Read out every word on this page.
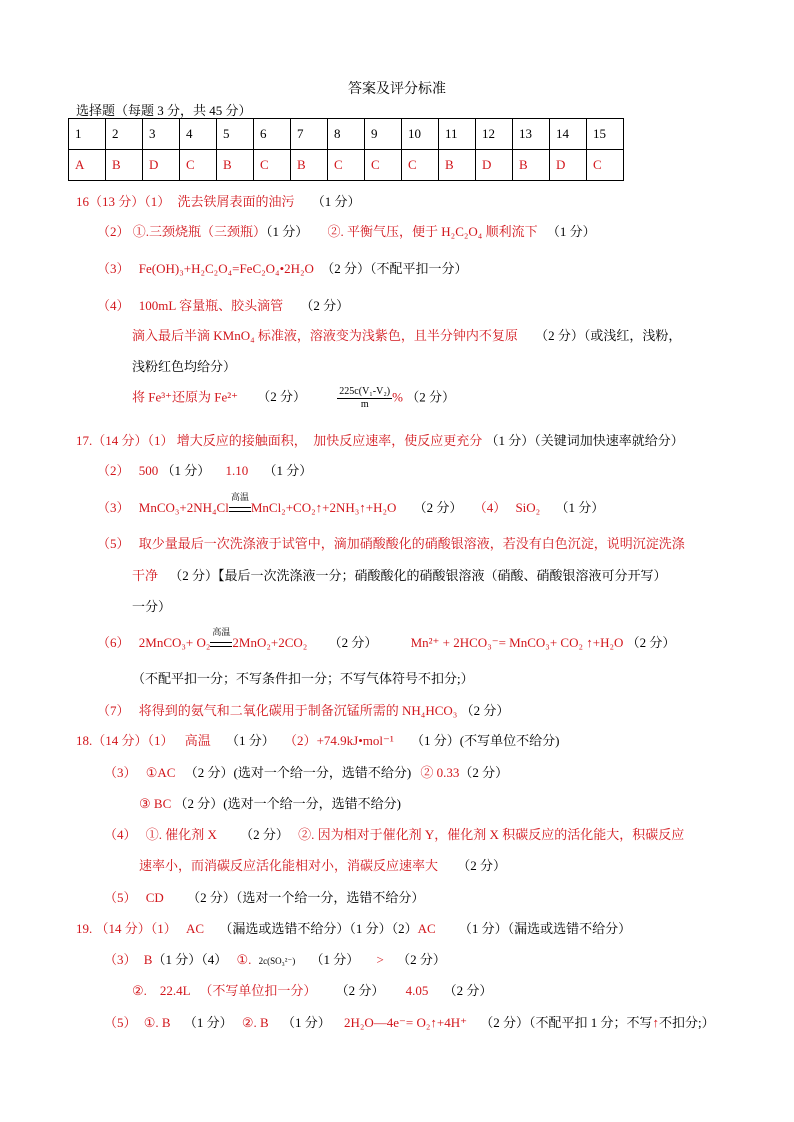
答案及评分标准
选择题（每题 3 分，共 45 分）
1	2	3	4	5	6	7	8	9	10	11	12	13	14	15
A	B	D	C	B	C	B	C	C	C	B	D	B	D	C
16（13 分）（1） 洗去铁屑表面的油污 （1 分）
（2） ①.三颈烧瓶（三颈瓶）（1 分） ②. 平衡气压，便于 H₂C₂O₄ 顺利流下 （1 分）
（3） Fe(OH)₃+H₂C₂O₄=FeC₂O₄•2H₂O （2 分）（不配平扣一分）
（4） 100mL 容量瓶、胶头滴管 （2 分）
滴入最后半滴 KMnO₄ 标准液，溶液变为浅紫色，且半分钟内不复原 （2 分）（或浅红，浅粉，
浅粉红色均给分）
将 Fe³⁺还原为 Fe²⁺ （2 分）	$\frac{\text{225c(V₁-V₂)}}{m}$ % （2 分）
17.（14 分）（1） 增大反应的接触面积，　加快反应速率，使反应更充分 （1 分）（关键词加快速率就给分）
（2） 500 （1 分） 1.10 （1 分）
（3） MnCO₃+2NH₄Cl
高温
MnCl₂+CO₂↑+2NH₃↑+H₂O （2 分） （4） SiO₂ （1 分）
（5） 取少量最后一次洗涤液于试管中，滴加硝酸酸化的硝酸银溶液，若没有白色沉淀，说明沉淀洗涤
干净 （2 分）【最后一次洗涤液一分；硝酸酸化的硝酸银溶液（硝酸、硝酸银溶液可分开写）
一分）
（6） 2MnCO₃+ O₂
高温
2MnO₂+2CO₂ （2 分）	Mn²⁺ + 2HCO₃⁻= MnCO₃+ CO₂ ↑+H₂O （2 分）
（不配平扣一分；不写条件扣一分；不写气体符号不扣分;）
（7） 将得到的氨气和二氧化碳用于制备沉锰所需的 NH₄HCO₃ （2 分）
18.（14 分）（1） 高温 （1 分） （2）+74.9kJ•mol⁻¹ （1 分）(不写单位不给分)
（3） ①AC （2 分）(选对一个给一分，选错不给分) ② 0.33（2 分）
③ BC （2 分）(选对一个给一分，选错不给分)
（4） ①. 催化剂 X （2 分） ②. 因为相对于催化剂 Y，催化剂 X 积碳反应的活化能大，积碳反应
速率小，而消碳反应活化能相对小，消碳反应速率大 （2 分）
（5） CD （2 分）（选对一个给一分，选错不给分）
19. （14 分）（1） AC （漏选或选错不给分）（1 分）（2）AC （1 分）（漏选或选错不给分）
（3） B（1 分）（4） ①. 2c(SO₃²⁻) （1 分） > （2 分）
②.　22.4L （不写单位扣一分） （2 分） 4.05 （2 分）
（5） ①. B （1 分） ②. B （1 分） 2H₂O—4e⁻= O₂↑+4H⁺ （2 分）（不配平扣 1 分；不写↑不扣分;）
